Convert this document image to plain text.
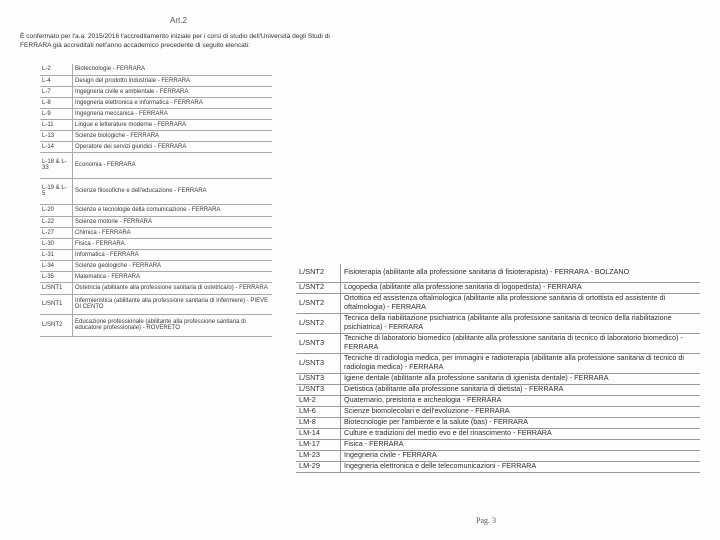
Art.2
È confermato per l'a.a. 2015/2016 l'accreditamento iniziale per i corsi di studio dell'Università degli Studi di FERRARA già accreditati nell'anno accademico precedente di seguito elencati:
L-2	Biotecnologie - FERRARA
L-4	Design del prodotto industriale - FERRARA
L-7	Ingegneria civile e ambientale - FERRARA
L-8	Ingegneria elettronica e informatica - FERRARA
L-9	Ingegneria meccanica - FERRARA
L-11	Lingue e letterature moderne - FERRARA
L-13	Scienze biologiche - FERRARA
L-14	Operatore dei servizi giuridici - FERRARA
L-18 & L-33	Economia - FERRARA
L-19 & L-5	Scienze filosofiche e dell'educazione - FERRARA
L-20	Scienze e tecnologie della comunicazione - FERRARA
L-22	Scienze motorie - FERRARA
L-27	Chimica - FERRARA
L-30	Fisica - FERRARA
L-31	Informatica - FERRARA
L-34	Scienze geologiche - FERRARA
L-35	Matematica - FERRARA
L/SNT1	Ostetricia (abilitante alla professione sanitaria di ostetrica/o) - FERRARA
L/SNT1	Infermieristica (abilitante alla professione sanitaria di Infermiere) - PIEVE DI CENTO
L/SNT2	Educazione professionale (abilitante alla professione sanitaria di educatore professionale) - ROVERETO
L/SNT2	Fisioterapia (abilitante alla professione sanitaria di fisioterapista) - FERRARA - BOLZANO
L/SNT2	Logopedia (abilitante alla professione sanitaria di logopedista) - FERRARA
L/SNT2	Ortottica ed assistenza oftalmologica (abilitante alla professione sanitaria di ortottista ed assistente di oftalmologia) - FERRARA
L/SNT2	Tecnica della riabilitazione psichiatrica (abilitante alla professione sanitaria di tecnico della riabilitazione psichiatrica) - FERRARA
L/SNT3	Tecniche di laboratorio biomedico (abilitante alla professione sanitaria di tecnico di laboratorio biomedico) - FERRARA
L/SNT3	Tecniche di radiologia medica, per immagini e radioterapia (abilitante alla professione sanitaria di tecnico di radiologia medica) - FERRARA
L/SNT3	Igiene dentale (abilitante alla professione sanitaria di igienista dentale) - FERRARA
L/SNT3	Dietistica (abilitante alla professione sanitaria di dietista) - FERRARA
LM-2	Quaternario, preistoria e archeologia - FERRARA
LM-6	Scienze biomolecolari e dell'evoluzione - FERRARA
LM-8	Biotecnologie per l'ambiente e la salute (bas) - FERRARA
LM-14	Culture e tradizioni del medio evo e del rinascimento - FERRARA
LM-17	Fisica - FERRARA
LM-23	Ingegneria civile - FERRARA
LM-29	Ingegneria elettronica e delle telecomunicazioni - FERRARA
Pag. 3
